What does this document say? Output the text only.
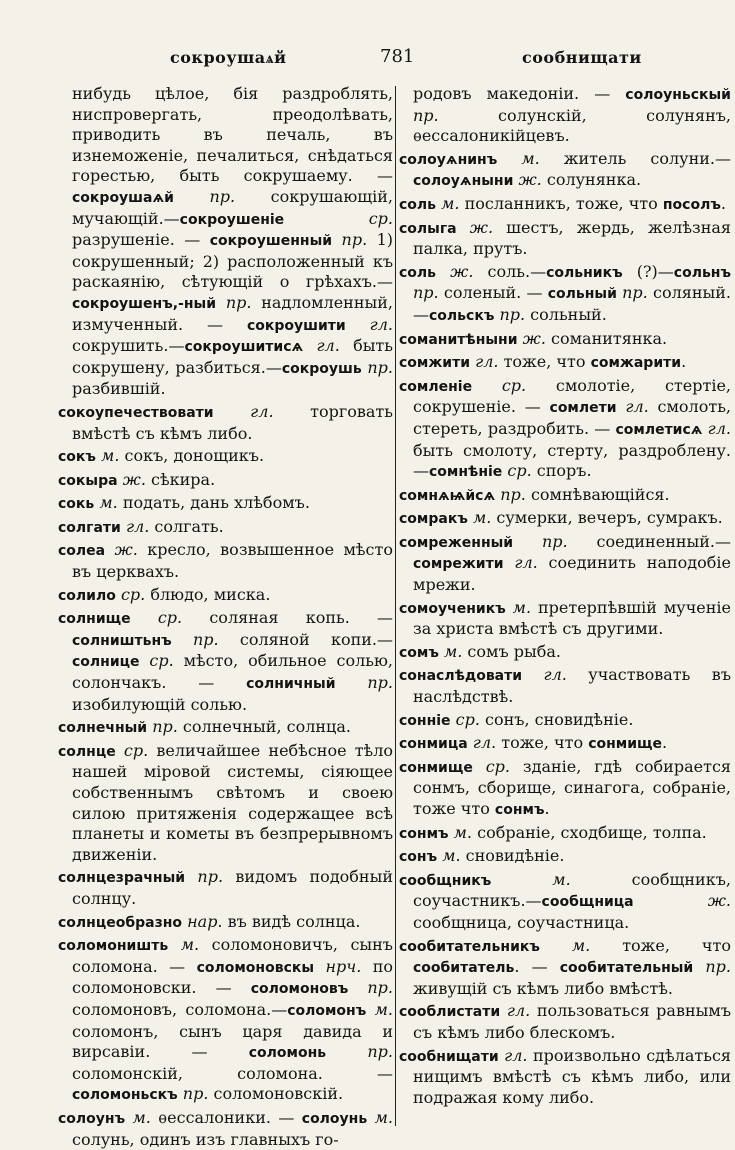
сокроушаѧй	781	сообнищати

нибудь цѣлое, бія раздроблять, ниспровергать, преодолѣвать, приводить въ печаль, въ изнеможеніе, печалиться, снѣдаться горестью, быть сокрушаему. — сокроушаѧй пр. сокрушающій, мучающій.—сокроушеніе	ср. разрушеніе. — сокроушенный пр. 1) сокрушенный; 2) расположенный къ раскаянію, сѣтующій о грѣхахъ.—сокроушенъ,-ный пр. надломленный, измученный. — сокроушити гл. сокрушить.—сокроушитисѧ гл. быть сокрушену, разбиться.—сокроушь пр. разбившій.

сокоупечествовати гл. торговать вмѣстѣ съ кѣмъ либо.

сокъ м. сокъ, донощикъ.

сокыра ж. сѣкира.

сокь м. подать, дань хлѣбомъ.

солгати гл. солгать.

солеа ж. кресло, возвышенное мѣсто въ церквахъ.

солило ср. блюдо, миска.

солнище ср. соляная копь. — солништьнъ пр. соляной копи.—солнице ср. мѣсто, обильное солью, солончакъ. — солничный пр. изобилующій солью.

солнечный пр. солнечный, солнца.

солнце ср. величайшее небѣсное тѣло нашей міровой системы, сіяющее собственнымъ свѣтомъ и своею силою притяженія содержащее всѣ планеты и кометы въ безпрерывномъ движеніи.

солнцезрачный пр. видомъ подобный солнцу.

солнцеобразно нар. въ видѣ солнца.

соломоништь м. соломоновичъ, сынъ соломона. — соломоновскы нрч. по соломоновски. — соломоновъ пр. соломоновъ, соломона.—соломонъ м. соломонъ, сынъ царя давида и вирсавіи. — соломонь	пр. соломонскій, соломона. — соломоньскъ пр. соломоновскій.

солоунъ м. ѳессалоники. — солоунь м. солунь, одинъ изъ главныхъ го-

родовъ македоніи. — солоуньскый пр. солунскій, солунянъ, ѳессалоникійцевъ.

солоуѧнинъ м. житель солуни.—солоуѧныни ж. солунянка.

соль м. посланникъ, тоже, что посолъ.

солыга ж. шестъ, жердь, желѣзная палка, прутъ.

соль ж. соль.—сольникъ (?)—сольнъ пр. соленый. — сольный пр. соляный.—сольскъ пр. сольный.

соманитѣныни ж. соманитянка.

сомжити гл. тоже, что сомжарити.

сомленіе ср. смолотіе, стертіе, сокрушеніе. — сомлети гл. смолоть, стереть, раздробить. — сомлетисѧ гл. быть смолоту, стерту, раздроблену. —сомнѣніе ср. споръ.

сомнѧѩйсѧ пр. сомнѣвающійся.

сомракъ м. сумерки, вечеръ, сумракъ.

сомреженный пр. соединенный.—сомрежити гл. соединить наподобіе мрежи.

сомоученикъ м. претерпѣвшій мученіе за христа вмѣстѣ съ другими.

сомъ м. сомъ рыба.

сонаслѣдовати гл. участвовать въ наслѣдствѣ.

сонніе ср. сонъ, сновидѣніе.

сонмица гл. тоже, что сонмище.

сонмище ср. зданіе, гдѣ собирается сонмъ, сборище, синагога, собраніе, тоже что сонмъ.

сонмъ м. собраніе, сходбище, толпа.

сонъ м. сновидѣніе.

сообщникъ	м. сообщникъ, соучастникъ.—сообщница	ж. сообщница, соучастница.

сообитательникъ м. тоже, что сообитатель. — сообитательный пр. живущій съ кѣмъ либо вмѣстѣ.

сооблистати гл. пользоваться равнымъ съ кѣмъ либо блескомъ.

сообнищати гл. произвольно сдѣлаться нищимъ вмѣстѣ съ кѣмъ либо, или подражая кому либо.
